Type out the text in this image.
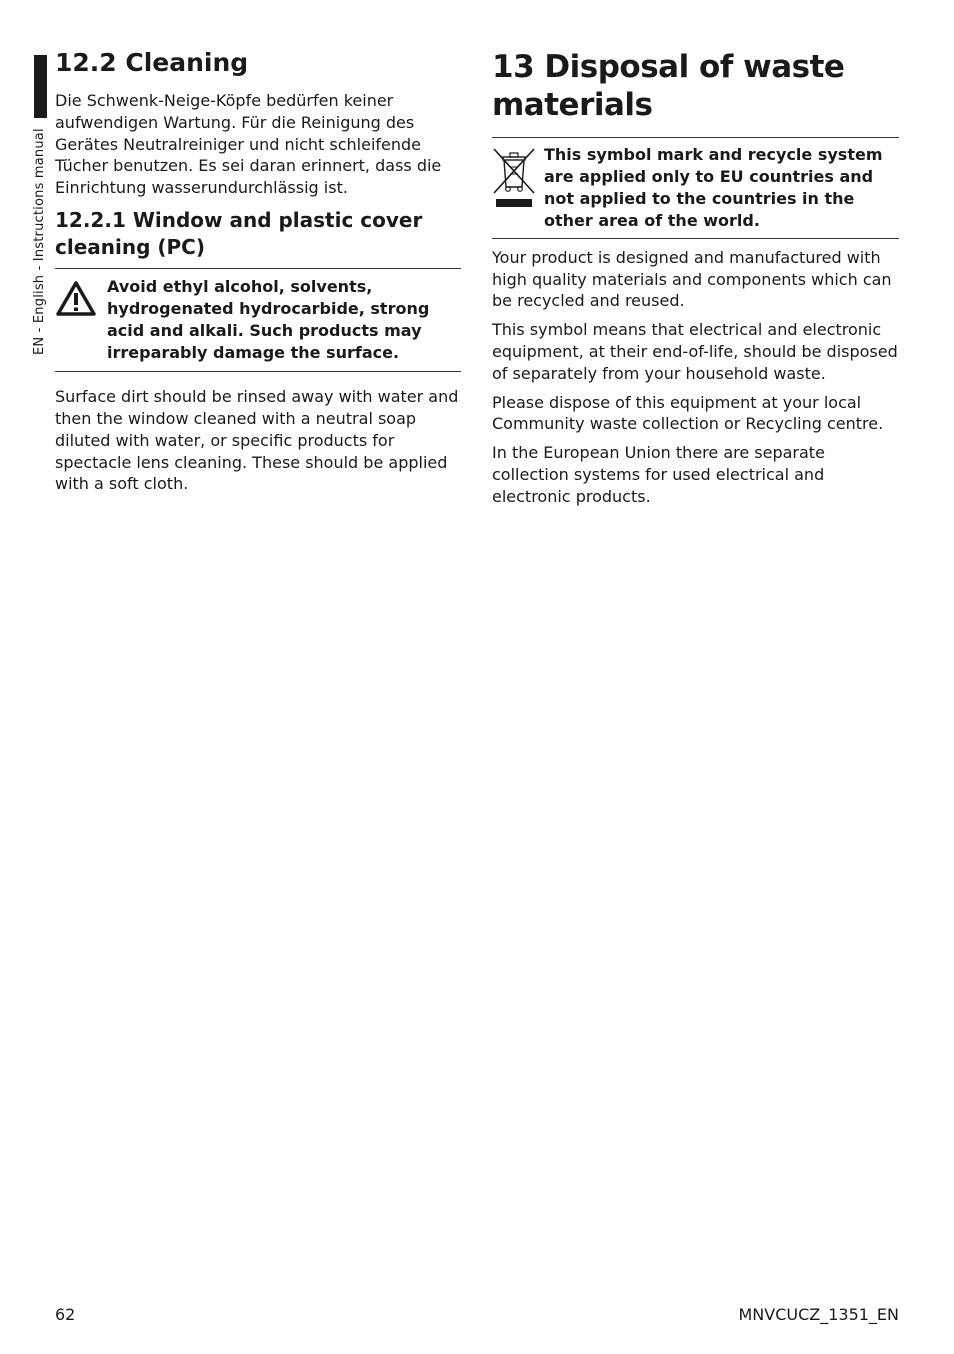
EN - English - Instructions manual
12.2 Cleaning

Die Schwenk-Neige-Köpfe bedürfen keiner aufwendigen Wartung. Für die Reinigung des Gerätes Neutralreiniger und nicht schleifende Tücher benutzen. Es sei daran erinnert, dass die Einrichtung wasserundurchlässig ist.

12.2.1 Window and plastic cover cleaning (PC)
Avoid ethyl alcohol, solvents, hydrogenated hydrocarbide, strong acid and alkali. Such products may irreparably damage the surface.

Surface dirt should be rinsed away with water and then the window cleaned with a neutral soap diluted with water, or specific products for spectacle lens cleaning. These should be applied with a soft cloth.

13 Disposal of waste materials
This symbol mark and recycle system are applied only to EU countries and not applied to the countries in the other area of the world.

Your product is designed and manufactured with high quality materials and components which can be recycled and reused.

This symbol means that electrical and electronic equipment, at their end-of-life, should be disposed of separately from your household waste.

Please dispose of this equipment at your local Community waste collection or Recycling centre.

In the European Union there are separate collection systems for used electrical and electronic products.

62	MNVCUCZ_1351_EN
